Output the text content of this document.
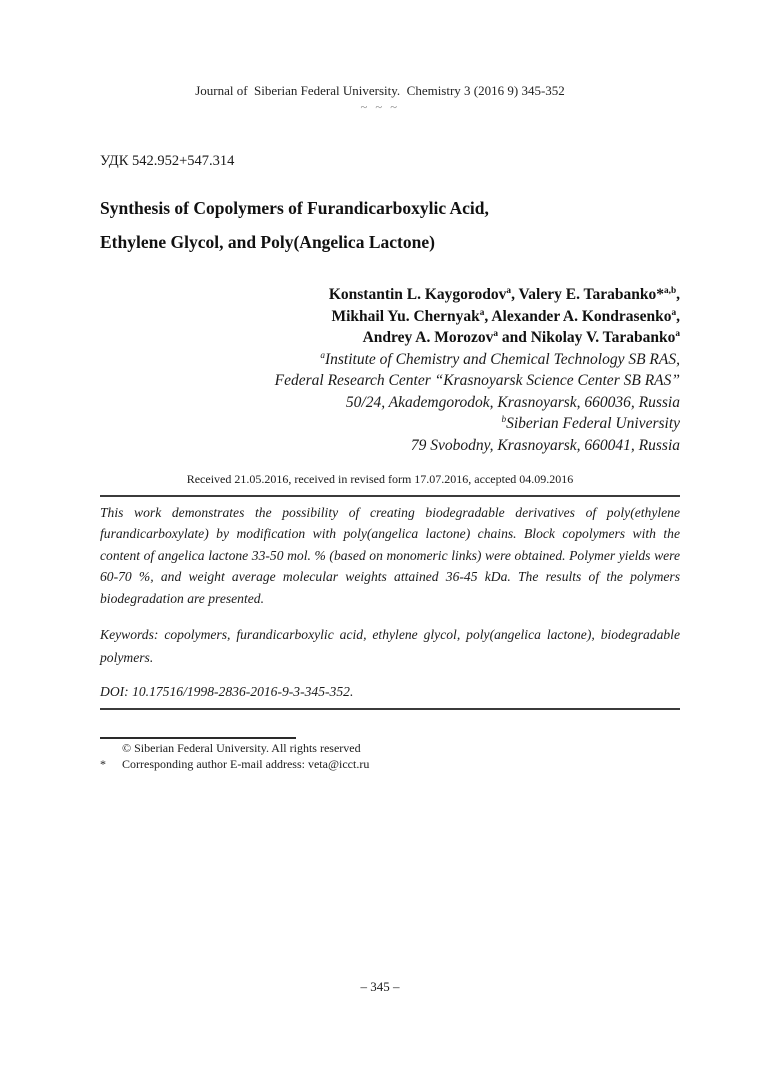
Journal of  Siberian Federal University.  Chemistry 3 (2016 9) 345-352
~ ~ ~
УДК 542.952+547.314
Synthesis of Copolymers of Furandicarboxylic Acid,
Ethylene Glycol, and Poly(Angelica Lactone)
Konstantin L. Kaygorodov$^a$, Valery E. Tarabanko*$^{a,b}$,
Mikhail Yu. Chernyak$^a$, Alexander A. Kondrasenko$^a$,
Andrey A. Morozov$^a$ and Nikolay V. Tarabanko$^a$
$^a$Institute of Chemistry and Chemical Technology SB RAS,
Federal Research Center “Krasnoyarsk Science Center SB RAS”
50/24, Akademgorodok, Krasnoyarsk, 660036, Russia
$^b$Siberian Federal University
79 Svobodny, Krasnoyarsk, 660041, Russia
Received 21.05.2016, received in revised form 17.07.2016, accepted 04.09.2016
This work demonstrates the possibility of creating biodegradable derivatives of poly(ethylene furandicarboxylate) by modification with poly(angelica lactone) chains. Block copolymers with the content of angelica lactone 33-50 mol. % (based on monomeric links) were obtained. Polymer yields were 60-70 %, and weight average molecular weights attained 36-45 kDa. The results of the polymers biodegradation are presented.
Keywords: copolymers, furandicarboxylic acid, ethylene glycol, poly(angelica lactone), biodegradable polymers.
DOI: 10.17516/1998-2836-2016-9-3-345-352.
© Siberian Federal University. All rights reserved
*	Corresponding author E-mail address: veta@icct.ru
– 345 –
